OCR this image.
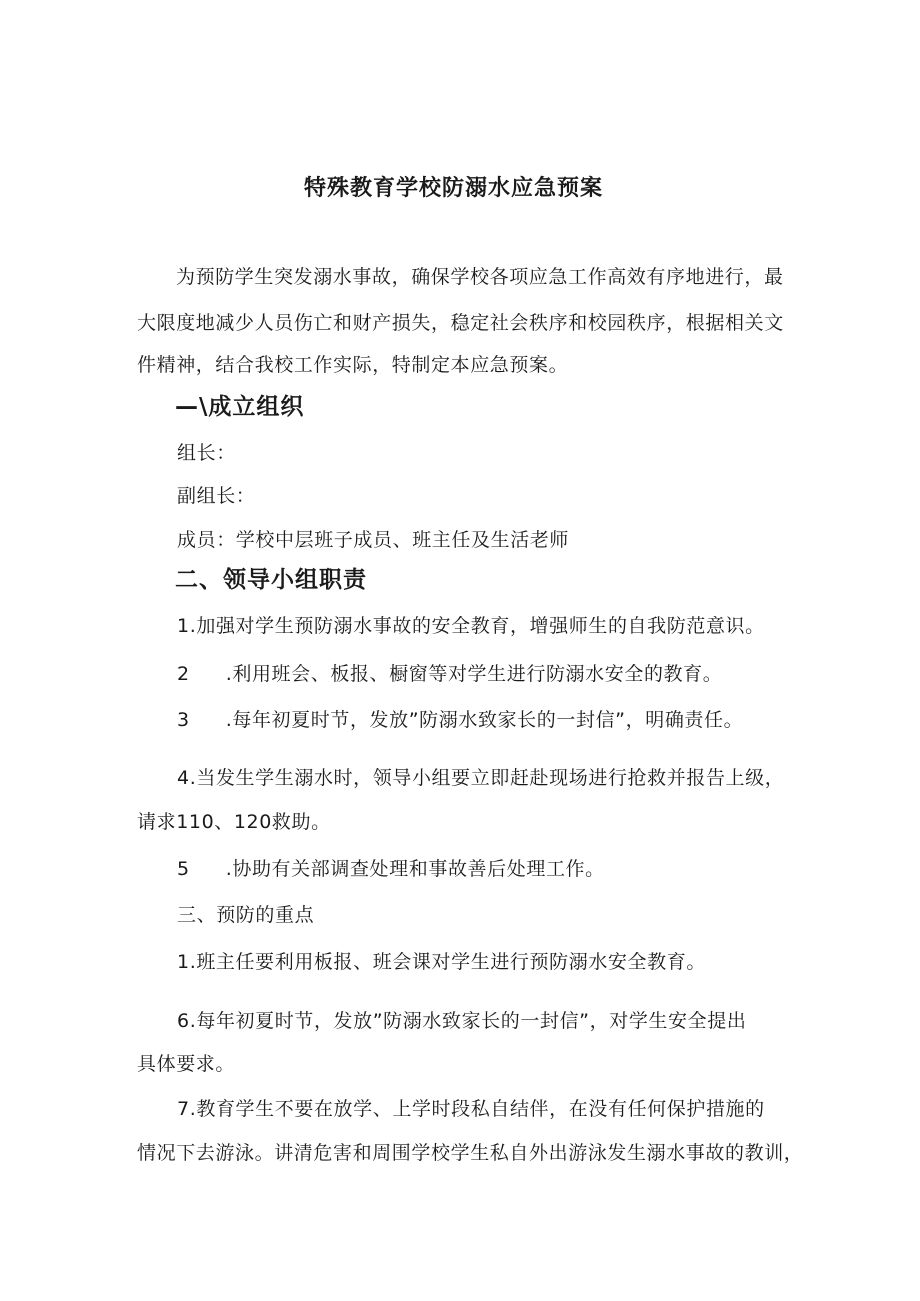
特殊教育学校防溺水应急预案
为预防学生突发溺水事故，确保学校各项应急工作高效有序地进行，最
大限度地减少人员伤亡和财产损失，稳定社会秩序和校园秩序，根据相关文
件精神，结合我校工作实际，特制定本应急预案。
—\成立组织
组长：
副组长：
成员：学校中层班子成员、班主任及生活老师
二、领导小组职责
1.加强对学生预防溺水事故的安全教育，增强师生的自我防范意识。
2 .利用班会、板报、橱窗等对学生进行防溺水安全的教育。
3 .每年初夏时节，发放”防溺水致家长的一封信”，明确责任。
4.当发生学生溺水时，领导小组要立即赶赴现场进行抢救并报告上级，
请求110、120救助。
5 .协助有关部调查处理和事故善后处理工作。
三、预防的重点
1.班主任要利用板报、班会课对学生进行预防溺水安全教育。
6.每年初夏时节，发放”防溺水致家长的一封信”，对学生安全提出
具体要求。
7.教育学生不要在放学、上学时段私自结伴，在没有任何保护措施的
情况下去游泳。讲清危害和周围学校学生私自外出游泳发生溺水事故的教训，
